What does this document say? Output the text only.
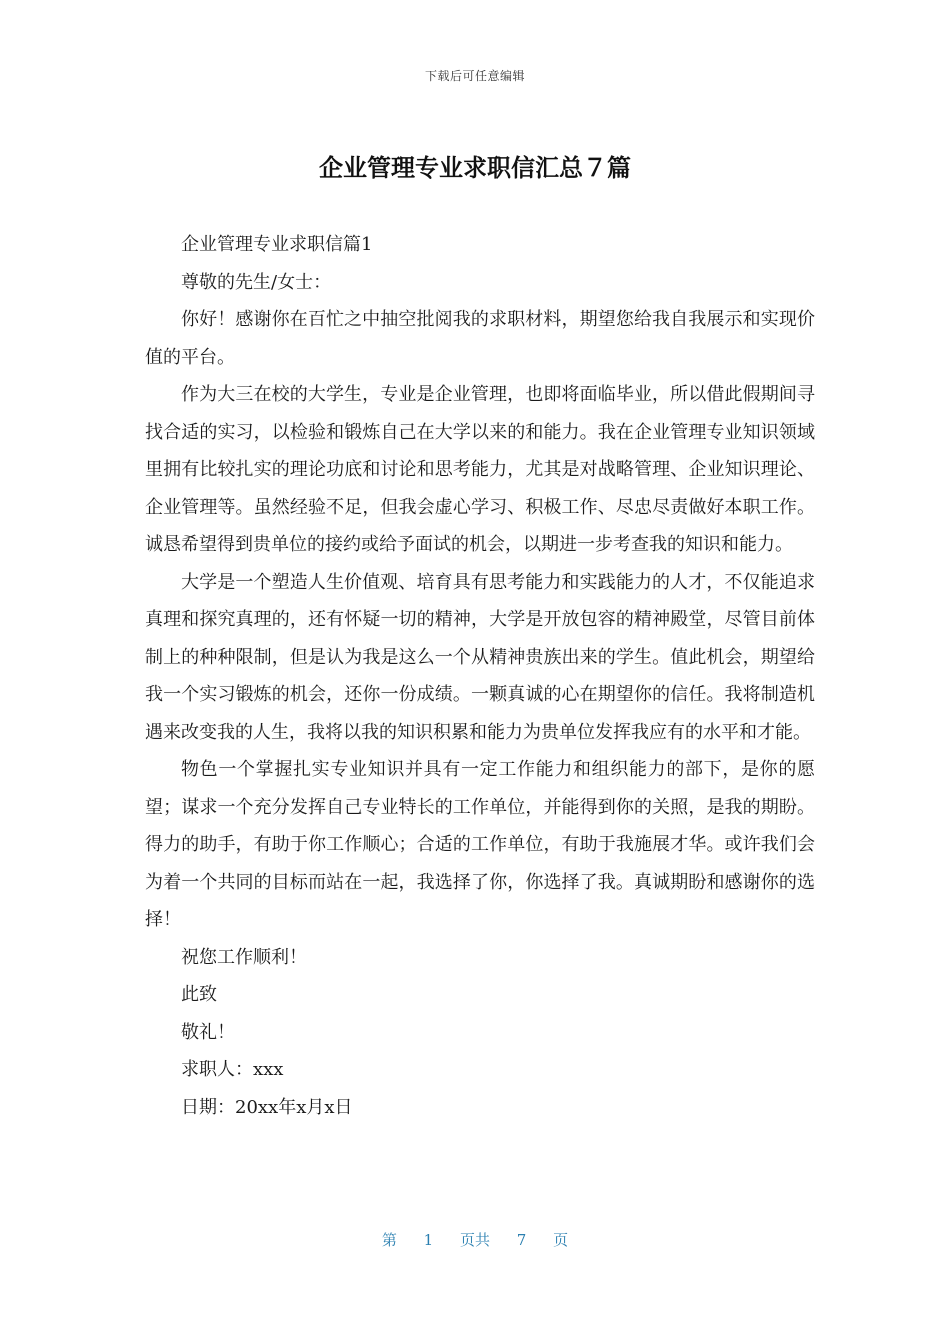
下载后可任意编辑
企业管理专业求职信汇总７篇

企业管理专业求职信篇1

尊敬的先生/女士：

你好！感谢你在百忙之中抽空批阅我的求职材料，期望您给我自我展示和实现价值的平台。

作为大三在校的大学生，专业是企业管理，也即将面临毕业，所以借此假期间寻找合适的实习，以检验和锻炼自己在大学以来的和能力。我在企业管理专业知识领域里拥有比较扎实的理论功底和讨论和思考能力，尤其是对战略管理、企业知识理论、企业管理等。虽然经验不足，但我会虚心学习、积极工作、尽忠尽责做好本职工作。诚恳希望得到贵单位的接约或给予面试的机会，以期进一步考查我的知识和能力。

大学是一个塑造人生价值观、培育具有思考能力和实践能力的人才，不仅能追求真理和探究真理的，还有怀疑一切的精神，大学是开放包容的精神殿堂，尽管目前体制上的种种限制，但是认为我是这么一个从精神贵族出来的学生。值此机会，期望给我一个实习锻炼的机会，还你一份成绩。一颗真诚的心在期望你的信任。我将制造机遇来改变我的人生，我将以我的知识积累和能力为贵单位发挥我应有的水平和才能。

物色一个掌握扎实专业知识并具有一定工作能力和组织能力的部下，是你的愿望；谋求一个充分发挥自己专业特长的工作单位，并能得到你的关照，是我的期盼。得力的助手，有助于你工作顺心；合适的工作单位，有助于我施展才华。或许我们会为着一个共同的目标而站在一起，我选择了你，你选择了我。真诚期盼和感谢你的选择！

祝您工作顺利！

此致

敬礼！

求职人：xxx

日期：20xx年x月x日

第 1 页共 7 页
